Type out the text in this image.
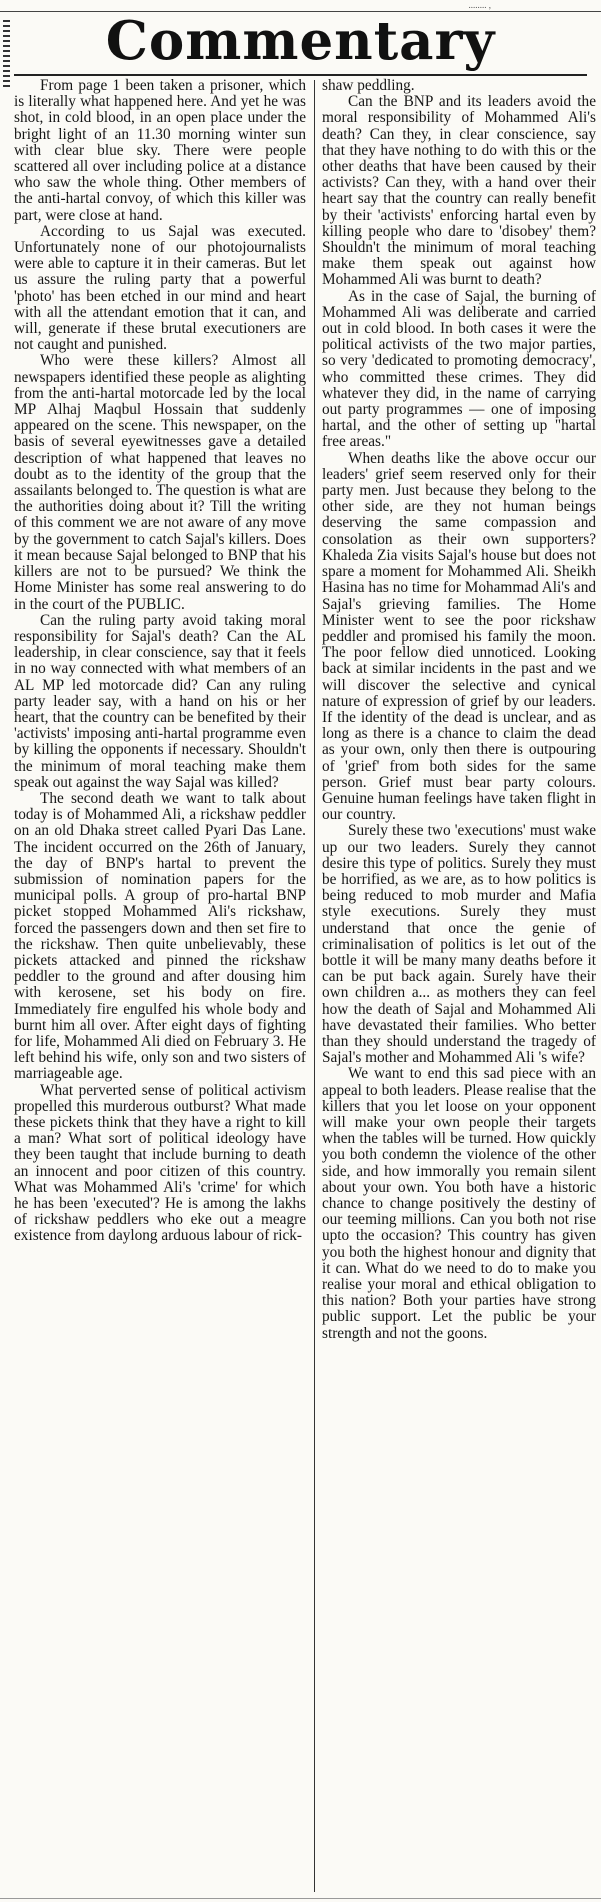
........ ,
Commentary

From page 1 been taken a prisoner, which is literally what happened here. And yet he was shot, in cold blood, in an open place under the bright light of an 11.30 morning winter sun with clear blue sky. There were people scattered all over including police at a distance who saw the whole thing. Other members of the anti-hartal convoy, of which this killer was part, were close at hand.

According to us Sajal was executed. Unfortunately none of our photojournalists were able to capture it in their cameras. But let us assure the ruling party that a powerful 'photo' has been etched in our mind and heart with all the attendant emotion that it can, and will, generate if these brutal executioners are not caught and punished.

Who were these killers? Almost all newspapers identified these people as alighting from the anti-hartal motorcade led by the local MP Alhaj Maqbul Hossain that suddenly appeared on the scene. This newspaper, on the basis of several eyewitnesses gave a detailed description of what happened that leaves no doubt as to the identity of the group that the assailants belonged to. The question is what are the authorities doing about it? Till the writing of this comment we are not aware of any move by the government to catch Sajal's killers. Does it mean because Sajal belonged to BNP that his killers are not to be pursued? We think the Home Minister has some real answering to do in the court of the PUBLIC.

Can the ruling party avoid taking moral responsibility for Sajal's death? Can the AL leadership, in clear conscience, say that it feels in no way connected with what members of an AL MP led motorcade did? Can any ruling party leader say, with a hand on his or her heart, that the country can be benefited by their 'activists' imposing anti-hartal programme even by killing the opponents if necessary. Shouldn't the minimum of moral teaching make them speak out against the way Sajal was killed?

The second death we want to talk about today is of Mohammed Ali, a rickshaw peddler on an old Dhaka street called Pyari Das Lane. The incident occurred on the 26th of January, the day of BNP's hartal to prevent the submission of nomination papers for the municipal polls. A group of pro-hartal BNP picket stopped Mohammed Ali's rickshaw, forced the passengers down and then set fire to the rickshaw. Then quite unbelievably, these pickets attacked and pinned the rickshaw peddler to the ground and after dousing him with kerosene, set his body on fire. Immediately fire engulfed his whole body and burnt him all over. After eight days of fighting for life, Mohammed Ali died on February 3. He left behind his wife, only son and two sisters of marriageable age.

What perverted sense of political activism propelled this murderous outburst? What made these pickets think that they have a right to kill a man? What sort of political ideology have they been taught that include burning to death an innocent and poor citizen of this country. What was Mohammed Ali's 'crime' for which he has been 'executed'? He is among the lakhs of rickshaw peddlers who eke out a meagre existence from daylong arduous labour of rick-

shaw peddling.

Can the BNP and its leaders avoid the moral responsibility of Mohammed Ali's death? Can they, in clear conscience, say that they have nothing to do with this or the other deaths that have been caused by their activists? Can they, with a hand over their heart say that the country can really benefit by their 'activists' enforcing hartal even by killing people who dare to 'disobey' them? Shouldn't the minimum of moral teaching make them speak out against how Mohammed Ali was burnt to death?

As in the case of Sajal, the burning of Mohammed Ali was deliberate and carried out in cold blood. In both cases it were the political activists of the two major parties, so very 'dedicated to promoting democracy', who committed these crimes. They did whatever they did, in the name of carrying out party programmes — one of imposing hartal, and the other of setting up "hartal free areas."

When deaths like the above occur our leaders' grief seem reserved only for their party men. Just because they belong to the other side, are they not human beings deserving the same compassion and consolation as their own supporters? Khaleda Zia visits Sajal's house but does not spare a moment for Mohammed Ali. Sheikh Hasina has no time for Mohammad Ali's and Sajal's grieving families. The Home Minister went to see the poor rickshaw peddler and promised his family the moon. The poor fellow died unnoticed. Looking back at similar incidents in the past and we will discover the selective and cynical nature of expression of grief by our leaders. If the identity of the dead is unclear, and as long as there is a chance to claim the dead as your own, only then there is outpouring of 'grief' from both sides for the same person. Grief must bear party colours. Genuine human feelings have taken flight in our country.

Surely these two 'executions' must wake up our two leaders. Surely they cannot desire this type of politics. Surely they must be horrified, as we are, as to how politics is being reduced to mob murder and Mafia style executions. Surely they must understand that once the genie of criminalisation of politics is let out of the bottle it will be many many deaths before it can be put back again. Surely have their own children a... as mothers they can feel how the death of Sajal and Mohammed Ali have devastated their families. Who better than they should understand the tragedy of Sajal's mother and Mohammed Ali 's wife?

We want to end this sad piece with an appeal to both leaders. Please realise that the killers that you let loose on your opponent will make your own people their targets when the tables will be turned. How quickly you both condemn the violence of the other side, and how immorally you remain silent about your own. You both have a historic chance to change positively the destiny of our teeming millions. Can you both not rise upto the occasion? This country has given you both the highest honour and dignity that it can. What do we need to do to make you realise your moral and ethical obligation to this nation? Both your parties have strong public support. Let the public be your strength and not the goons.
